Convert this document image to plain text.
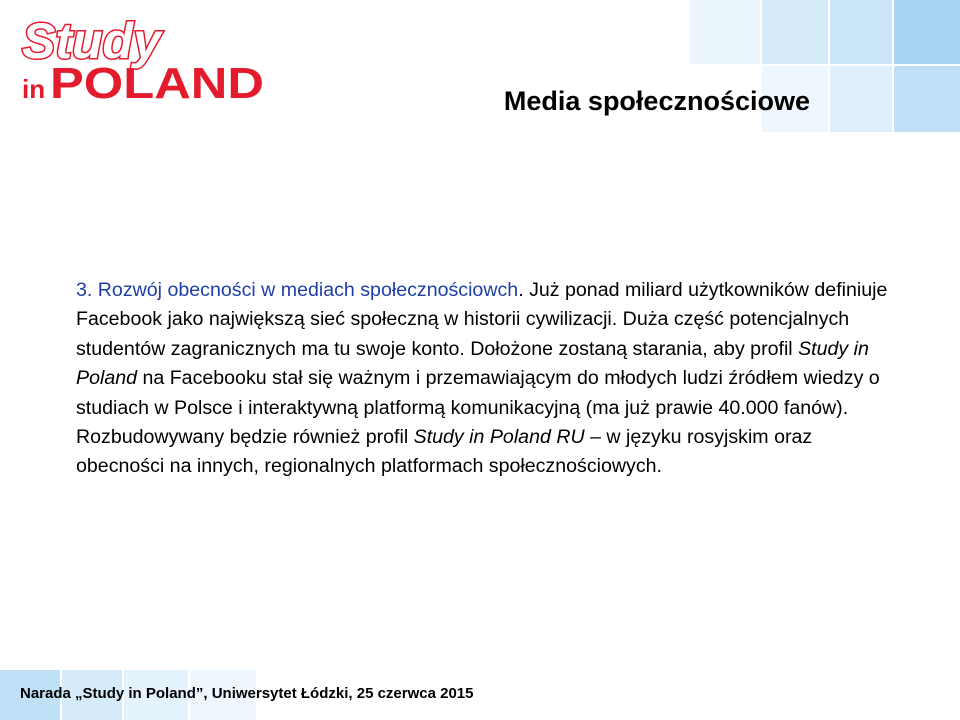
Study
in POLAND	Media społecznościowe
3. Rozwój obecności w mediach społecznościowch. Już ponad miliard użytkowników definiuje Facebook jako największą sieć społeczną w historii cywilizacji. Duża część potencjalnych studentów zagranicznych ma tu swoje konto. Dołożone zostaną starania, aby profil Study in Poland na Facebooku stał się ważnym i przemawiającym do młodych ludzi źródłem wiedzy o studiach w Polsce i interaktywną platformą komunikacyjną (ma już prawie 40.000 fanów). Rozbudowywany będzie również profil Study in Poland RU – w języku rosyjskim oraz obecności na innych, regionalnych platformach społecznościowych.
Narada „Study in Poland”, Uniwersytet Łódzki, 25 czerwca 2015
